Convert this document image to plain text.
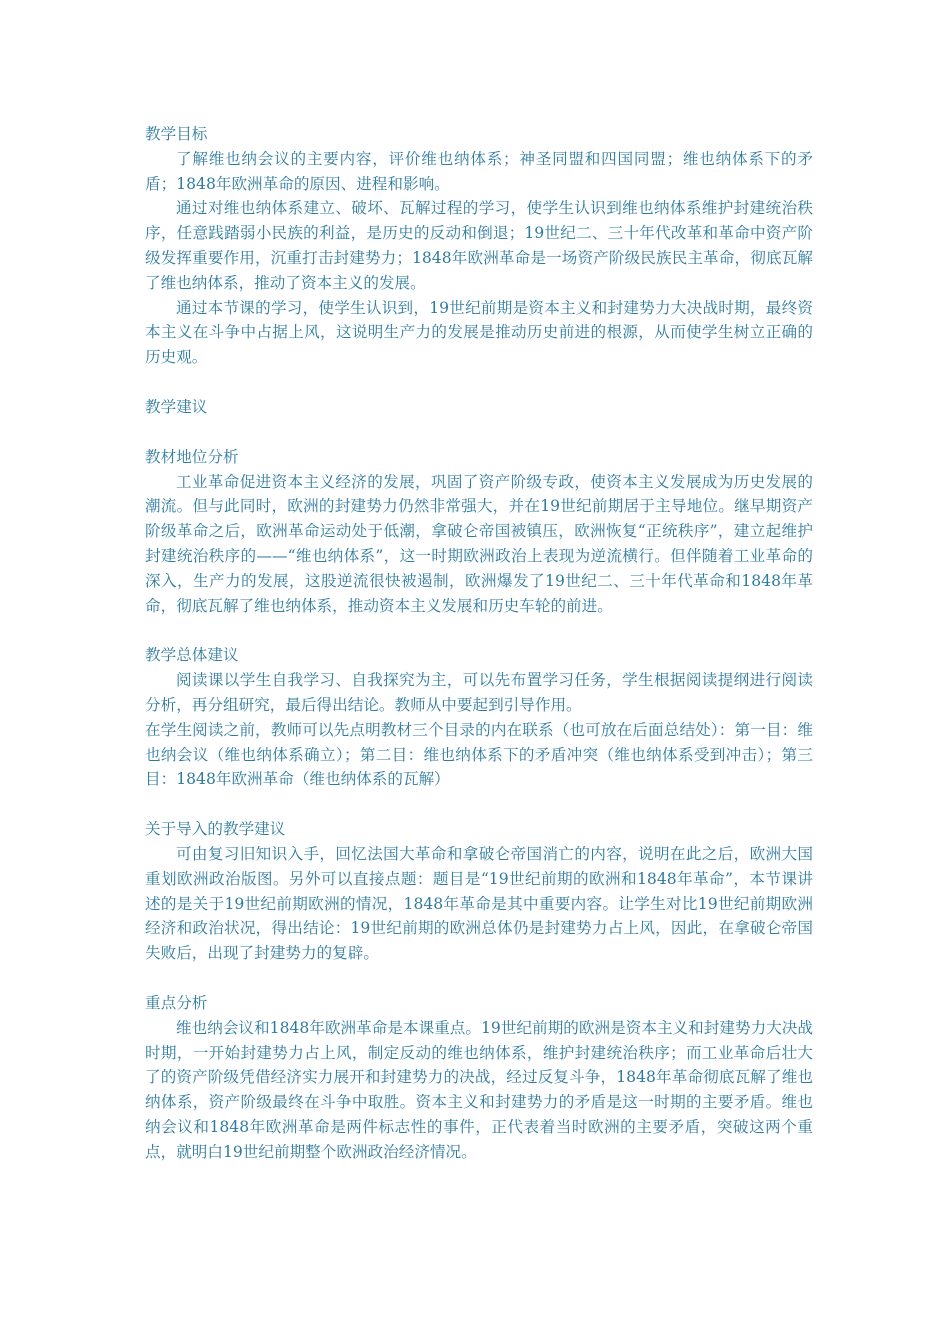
教学目标

了解维也纳会议的主要内容，评价维也纳体系；神圣同盟和四国同盟；维也纳体系下的矛盾；1848年欧洲革命的原因、进程和影响。

通过对维也纳体系建立、破坏、瓦解过程的学习，使学生认识到维也纳体系维护封建统治秩序，任意践踏弱小民族的利益，是历史的反动和倒退；19世纪二、三十年代改革和革命中资产阶级发挥重要作用，沉重打击封建势力；1848年欧洲革命是一场资产阶级民族民主革命，彻底瓦解了维也纳体系，推动了资本主义的发展。

通过本节课的学习，使学生认识到，19世纪前期是资本主义和封建势力大决战时期，最终资本主义在斗争中占据上风，这说明生产力的发展是推动历史前进的根源，从而使学生树立正确的历史观。

教学建议

教材地位分析

工业革命促进资本主义经济的发展，巩固了资产阶级专政，使资本主义发展成为历史发展的潮流。但与此同时，欧洲的封建势力仍然非常强大，并在19世纪前期居于主导地位。继早期资产阶级革命之后，欧洲革命运动处于低潮，拿破仑帝国被镇压，欧洲恢复“正统秩序”，建立起维护封建统治秩序的——“维也纳体系”，这一时期欧洲政治上表现为逆流横行。但伴随着工业革命的深入，生产力的发展，这股逆流很快被遏制，欧洲爆发了19世纪二、三十年代革命和1848年革命，彻底瓦解了维也纳体系，推动资本主义发展和历史车轮的前进。

教学总体建议

阅读课以学生自我学习、自我探究为主，可以先布置学习任务，学生根据阅读提纲进行阅读分析，再分组研究，最后得出结论。教师从中要起到引导作用。

在学生阅读之前，教师可以先点明教材三个目录的内在联系（也可放在后面总结处）：第一目：维也纳会议（维也纳体系确立）；第二目：维也纳体系下的矛盾冲突（维也纳体系受到冲击）；第三目：1848年欧洲革命（维也纳体系的瓦解）

关于导入的教学建议

可由复习旧知识入手，回忆法国大革命和拿破仑帝国消亡的内容，说明在此之后，欧洲大国重划欧洲政治版图。另外可以直接点题：题目是“19世纪前期的欧洲和1848年革命”，本节课讲述的是关于19世纪前期欧洲的情况，1848年革命是其中重要内容。让学生对比19世纪前期欧洲经济和政治状况，得出结论：19世纪前期的欧洲总体仍是封建势力占上风，因此，在拿破仑帝国失败后，出现了封建势力的复辟。

重点分析

维也纳会议和1848年欧洲革命是本课重点。19世纪前期的欧洲是资本主义和封建势力大决战时期，一开始封建势力占上风，制定反动的维也纳体系，维护封建统治秩序；而工业革命后壮大了的资产阶级凭借经济实力展开和封建势力的决战，经过反复斗争，1848年革命彻底瓦解了维也纳体系，资产阶级最终在斗争中取胜。资本主义和封建势力的矛盾是这一时期的主要矛盾。维也纳会议和1848年欧洲革命是两件标志性的事件，正代表着当时欧洲的主要矛盾，突破这两个重点，就明白19世纪前期整个欧洲政治经济情况。
